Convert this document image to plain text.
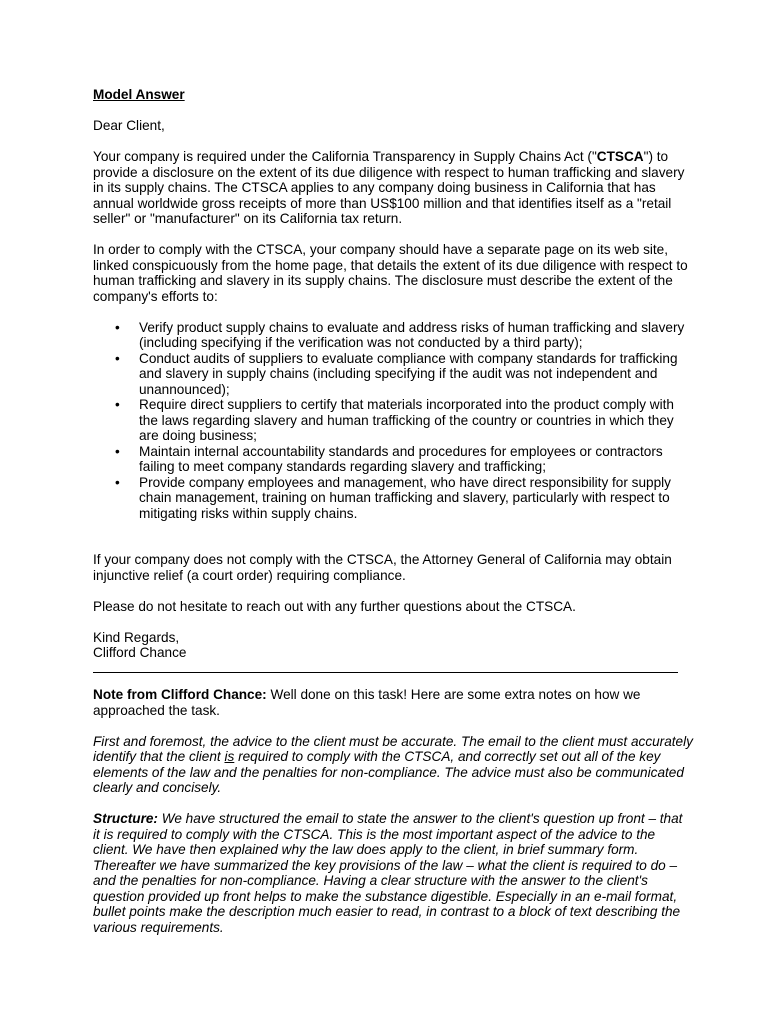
Model Answer

Dear Client,

Your company is required under the California Transparency in Supply Chains Act ("CTSCA") to provide a disclosure on the extent of its due diligence with respect to human trafficking and slavery in its supply chains. The CTSCA applies to any company doing business in California that has annual worldwide gross receipts of more than US$100 million and that identifies itself as a "retail seller" or "manufacturer" on its California tax return.

In order to comply with the CTSCA, your company should have a separate page on its web site, linked conspicuously from the home page, that details the extent of its due diligence with respect to human trafficking and slavery in its supply chains. The disclosure must describe the extent of the company's efforts to:

• Verify product supply chains to evaluate and address risks of human trafficking and slavery (including specifying if the verification was not conducted by a third party);
• Conduct audits of suppliers to evaluate compliance with company standards for trafficking and slavery in supply chains (including specifying if the audit was not independent and unannounced);
• Require direct suppliers to certify that materials incorporated into the product comply with the laws regarding slavery and human trafficking of the country or countries in which they are doing business;
• Maintain internal accountability standards and procedures for employees or contractors failing to meet company standards regarding slavery and trafficking;
• Provide company employees and management, who have direct responsibility for supply chain management, training on human trafficking and slavery, particularly with respect to mitigating risks within supply chains.

If your company does not comply with the CTSCA, the Attorney General of California may obtain injunctive relief (a court order) requiring compliance.

Please do not hesitate to reach out with any further questions about the CTSCA.

Kind Regards,

Clifford Chance

Note from Clifford Chance: Well done on this task! Here are some extra notes on how we approached the task.

First and foremost, the advice to the client must be accurate. The email to the client must accurately identify that the client is required to comply with the CTSCA, and correctly set out all of the key elements of the law and the penalties for non-compliance. The advice must also be communicated clearly and concisely.

Structure: We have structured the email to state the answer to the client's question up front – that it is required to comply with the CTSCA. This is the most important aspect of the advice to the client. We have then explained why the law does apply to the client, in brief summary form. Thereafter we have summarized the key provisions of the law – what the client is required to do – and the penalties for non-compliance. Having a clear structure with the answer to the client's question provided up front helps to make the substance digestible. Especially in an e-mail format, bullet points make the description much easier to read, in contrast to a block of text describing the various requirements.
